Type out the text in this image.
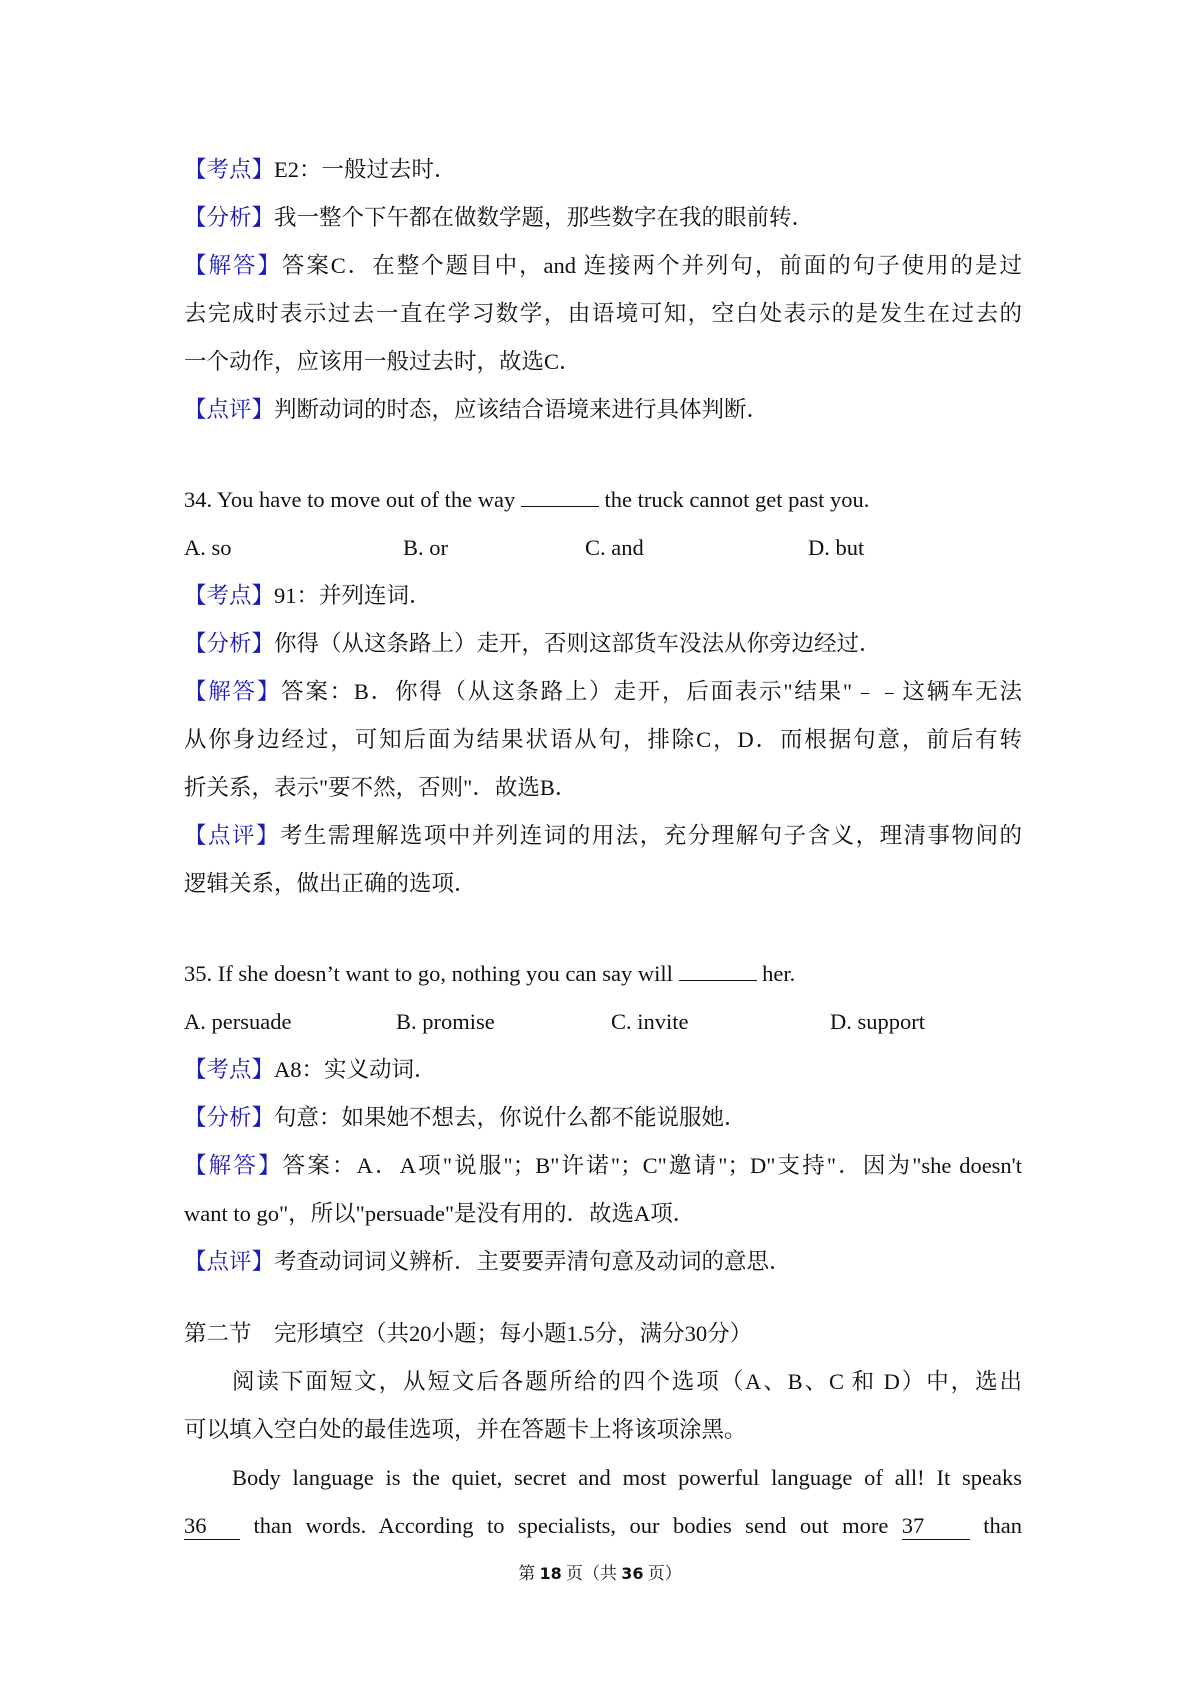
【考点】E2：一般过去时．
【分析】我一整个下午都在做数学题，那些数字在我的眼前转．
【解答】答案C．在整个题目中，and 连接两个并列句，前面的句子使用的是过
去完成时表示过去一直在学习数学，由语境可知，空白处表示的是发生在过去的
一个动作，应该用一般过去时，故选C．
【点评】判断动词的时态，应该结合语境来进行具体判断．
34. You have to move out of the way	the truck cannot get past you.
A. so	B. or	C. and	D. but
【考点】91：并列连词．
【分析】你得（从这条路上）走开，否则这部货车没法从你旁边经过．
【解答】答案：B．你得（从这条路上）走开，后面表示"结果"﹣﹣这辆车无法
从你身边经过，可知后面为结果状语从句，排除C，D．而根据句意，前后有转
折关系，表示"要不然，否则"．故选B．
【点评】考生需理解选项中并列连词的用法，充分理解句子含义，理清事物间的
逻辑关系，做出正确的选项．
35. If she doesn’t want to go, nothing you can say will	her.
A. persuade	B. promise	C. invite	D. support
【考点】A8：实义动词．
【分析】句意：如果她不想去，你说什么都不能说服她．
【解答】答案：A．A项"说服"；B"许诺"；C"邀请"；D"支持"．因为"she doesn't
want to go"，所以"persuade"是没有用的．故选A项．
【点评】考查动词词义辨析．主要要弄清句意及动词的意思．
第二节    完形填空（共20小题；每小题1.5分，满分30分）
阅读下面短文，从短文后各题所给的四个选项（A、B、C 和 D）中，选出
可以填入空白处的最佳选项，并在答题卡上将该项涂黑。
Body language is the quiet, secret and most powerful language of all! It speaks
36 than words. According to specialists, our bodies send out more 37	than
第 18 页（共 36 页）
